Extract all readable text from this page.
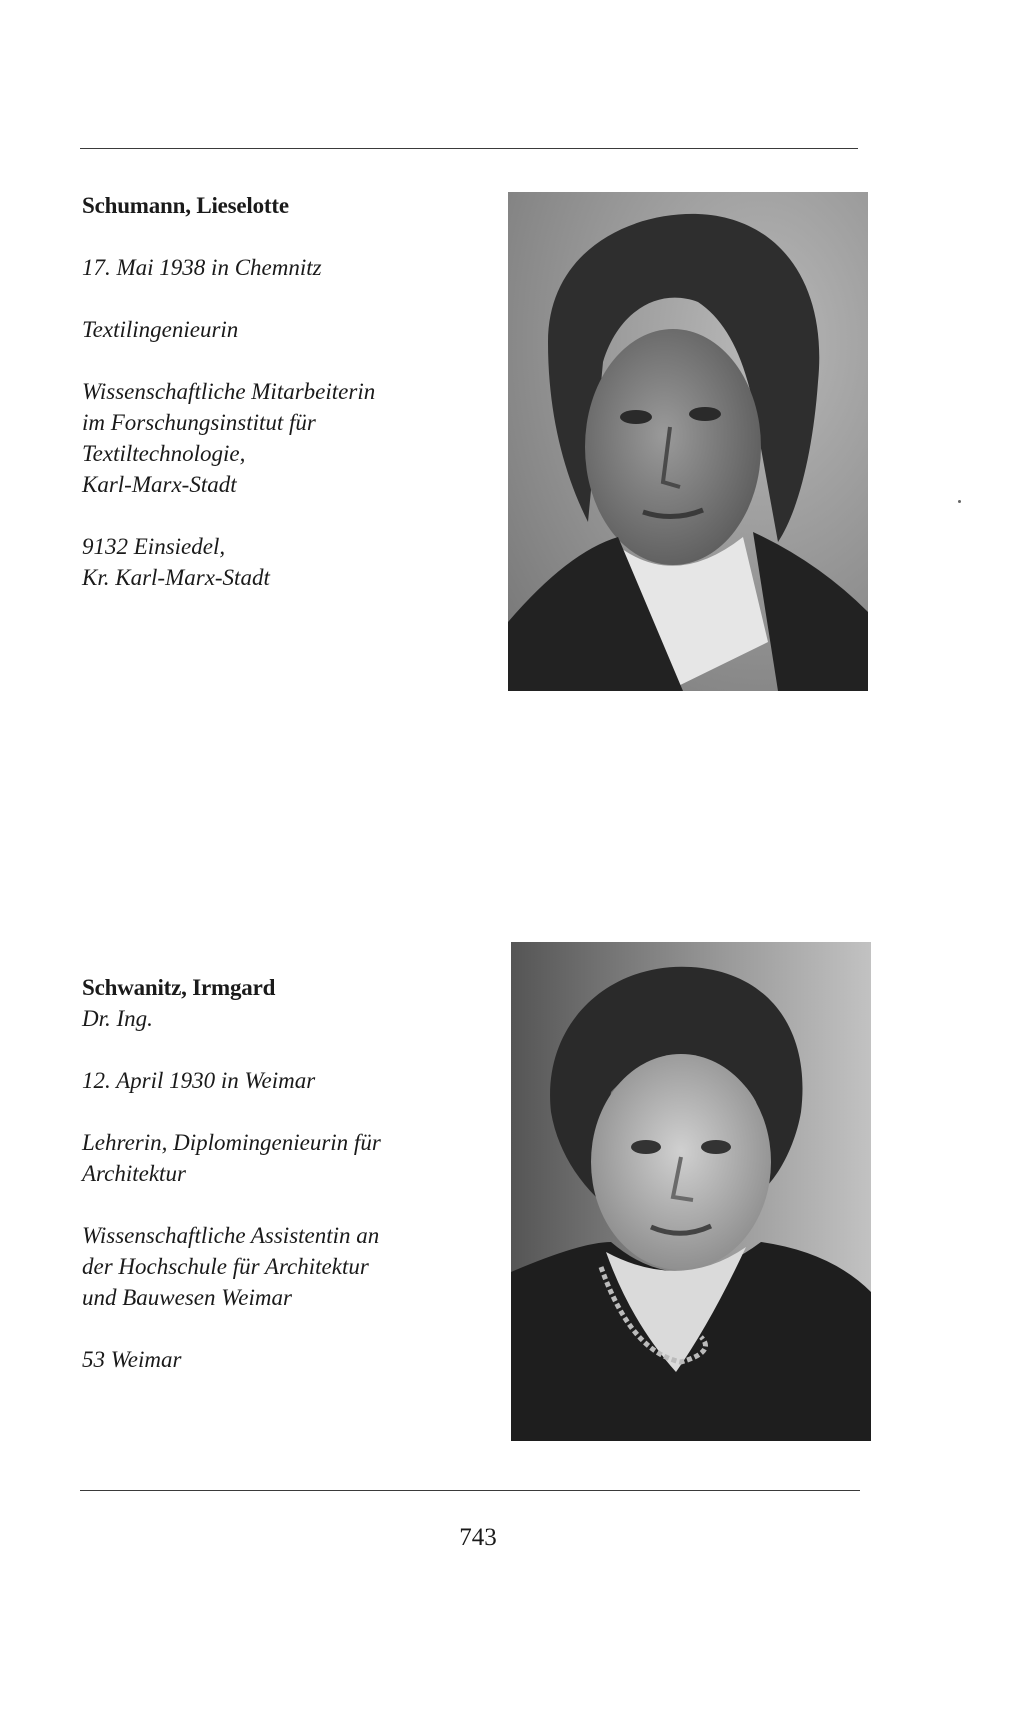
Schumann, Lieselotte
17. Mai 1938 in Chemnitz
Textilingenieurin
Wissenschaftliche Mitarbeiterin
im Forschungsinstitut für
Textiltechnologie,
Karl-Marx-Stadt
9132 Einsiedel,
Kr. Karl-Marx-Stadt
Schwanitz, Irmgard
Dr. Ing.
12. April 1930 in Weimar
Lehrerin, Diplomingenieurin für
Architektur
Wissenschaftliche Assistentin an
der Hochschule für Architektur
und Bauwesen Weimar
53 Weimar
743
